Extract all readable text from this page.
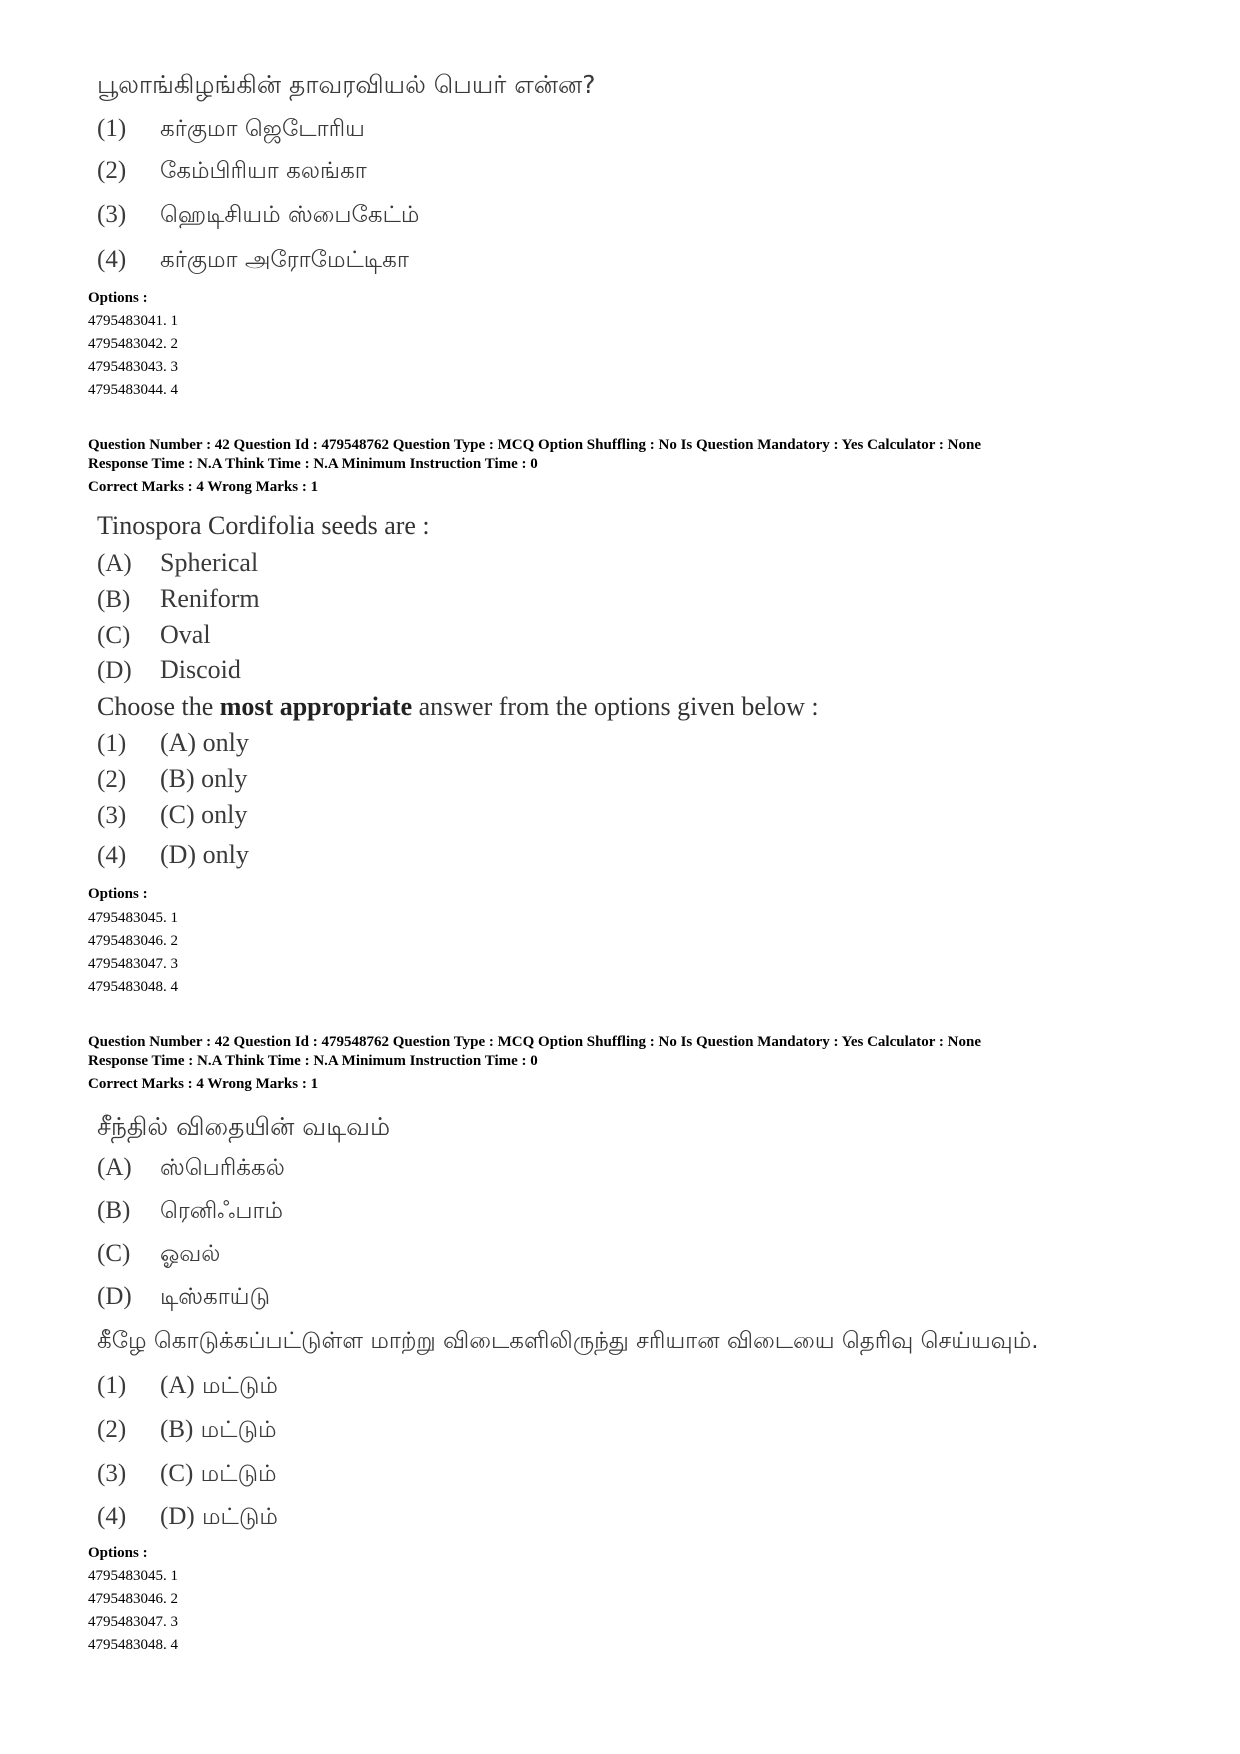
பூலாங்கிழங்கின் தாவரவியல் பெயர் என்ன?
(1) கர்குமா ஜெடோரிய
(2) கேம்பிரியா கலங்கா
(3) ஹெடிசியம் ஸ்பைகேட்ம்
(4) கர்குமா அரோமேட்டிகா
Options :
4795483041. 1
4795483042. 2
4795483043. 3
4795483044. 4
Question Number : 42 Question Id : 479548762 Question Type : MCQ Option Shuffling : No Is Question Mandatory : Yes Calculator : None
Response Time : N.A Think Time : N.A Minimum Instruction Time : 0
Correct Marks : 4 Wrong Marks : 1
Tinospora Cordifolia seeds are :
(A) Spherical
(B) Reniform
(C) Oval
(D) Discoid
Choose the most appropriate answer from the options given below :
(1) (A) only
(2) (B) only
(3) (C) only
(4) (D) only
Options :
4795483045. 1
4795483046. 2
4795483047. 3
4795483048. 4
Question Number : 42 Question Id : 479548762 Question Type : MCQ Option Shuffling : No Is Question Mandatory : Yes Calculator : None
Response Time : N.A Think Time : N.A Minimum Instruction Time : 0
Correct Marks : 4 Wrong Marks : 1
சீந்தில் விதையின் வடிவம்
(A) ஸ்பெரிக்கல்
(B) ரெனிஃபாம்
(C) ஓவல்
(D) டிஸ்காய்டு
கீழே கொடுக்கப்பட்டுள்ள மாற்று விடைகளிலிருந்து சரியான விடையை தெரிவு செய்யவும்.
(1) (A) மட்டும்
(2) (B) மட்டும்
(3) (C) மட்டும்
(4) (D) மட்டும்
Options :
4795483045. 1
4795483046. 2
4795483047. 3
4795483048. 4
